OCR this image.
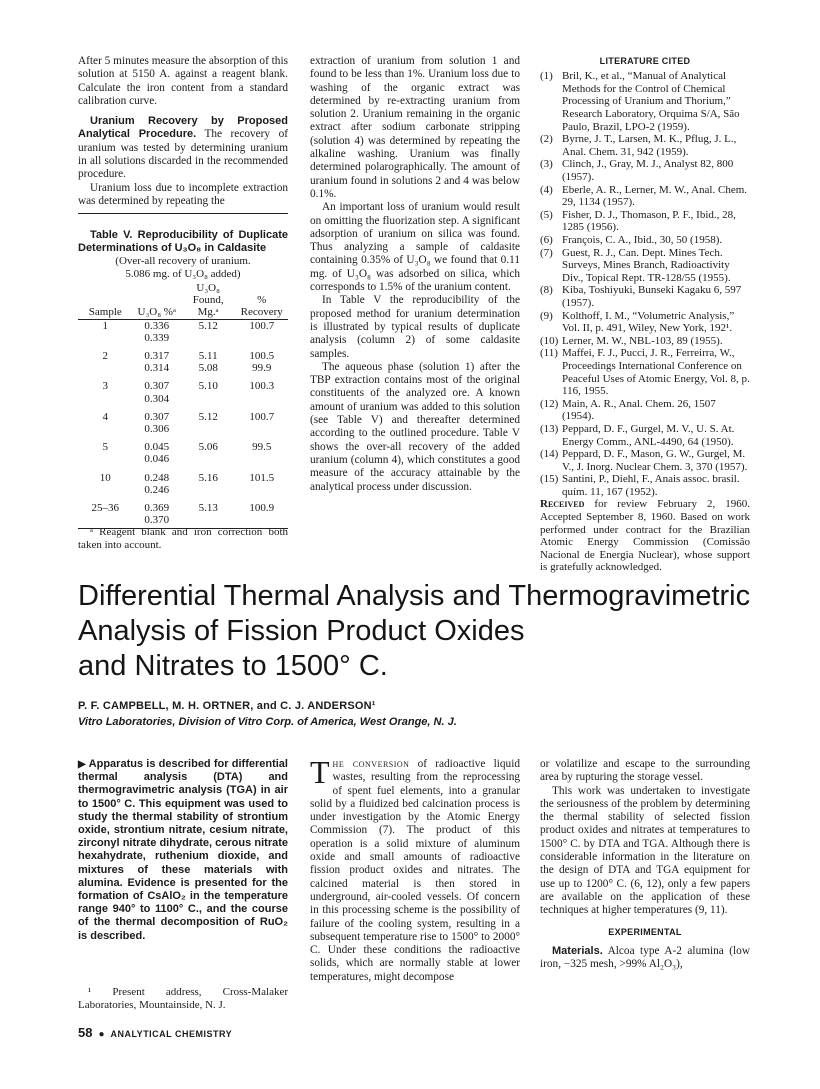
After 5 minutes measure the absorption of this solution at 5150 A. against a reagent blank. Calculate the iron content from a standard calibration curve.

Uranium Recovery by Proposed Analytical Procedure. The recovery of uranium was tested by determining uranium in all solutions discarded in the recommended procedure.

Uranium loss due to incomplete extraction was determined by repeating the

Table V. Reproducibility of Duplicate Determinations of U₃O₈ in Caldasite

(Over-all recovery of uranium.
5.086 mg. of U₃O₈ added)
Sample	U₃O₈ %ᵃ	U₃O₈ Found, Mg.ᵃ	% Recovery

1	0.336	5.12	100.7
	0.339		
2	0.317	5.11	100.5
	0.314	5.08	99.9
3	0.307	5.10	100.3
	0.304		
4	0.307	5.12	100.7
	0.306		
5	0.045	5.06	99.5
	0.046		
10	0.248	5.16	101.5
	0.246		
25–36	0.369	5.13	100.9
	0.370		

ᵃ Reagent blank and iron correction both taken into account.

extraction of uranium from solution 1 and found to be less than 1%. Uranium loss due to washing of the organic extract was determined by re-extracting uranium from solution 2. Uranium remaining in the organic extract after sodium carbonate stripping (solution 4) was determined by repeating the alkaline washing. Uranium was finally determined polarographically. The amount of uranium found in solutions 2 and 4 was below 0.1%.

An important loss of uranium would result on omitting the fluorization step. A significant adsorption of uranium on silica was found. Thus analyzing a sample of caldasite containing 0.35% of U₃O₈ we found that 0.11 mg. of U₃O₈ was adsorbed on silica, which corresponds to 1.5% of the uranium content.

In Table V the reproducibility of the proposed method for uranium determination is illustrated by typical results of duplicate analysis (column 2) of some caldasite samples.

The aqueous phase (solution 1) after the TBP extraction contains most of the original constituents of the analyzed ore. A known amount of uranium was added to this solution (see Table V) and thereafter determined according to the outlined procedure. Table V shows the over-all recovery of the added uranium (column 4), which constitutes a good measure of the accuracy attainable by the analytical process under discussion.

LITERATURE CITED
(1) Bril, K., et al., “Manual of Analytical Methods for the Control of Chemical Processing of Uranium and Thorium,” Research Laboratory, Orquima S/A, São Paulo, Brazil, LPO-2 (1959).
(2) Byrne, J. T., Larsen, M. K., Pflug, J. L., Anal. Chem. 31, 942 (1959).
(3) Clinch, J., Gray, M. J., Analyst 82, 800 (1957).
(4) Eberle, A. R., Lerner, M. W., Anal. Chem. 29, 1134 (1957).
(5) Fisher, D. J., Thomason, P. F., Ibid., 28, 1285 (1956).
(6) François, C. A., Ibid., 30, 50 (1958).
(7) Guest, R. J., Can. Dept. Mines Tech. Surveys, Mines Branch, Radioactivity Div., Topical Rept. TR-128/55 (1955).
(8) Kiba, Toshiyuki, Bunseki Kagaku 6, 597 (1957).
(9) Kolthoff, I. M., “Volumetric Analysis,” Vol. II, p. 491, Wiley, New York, 192¹.
(10) Lerner, M. W., NBL-103, 89 (1955).
(11) Maffei, F. J., Pucci, J. R., Ferreirra, W., Proceedings International Conference on Peaceful Uses of Atomic Energy, Vol. 8, p. 116, 1955.
(12) Main, A. R., Anal. Chem. 26, 1507 (1954).
(13) Peppard, D. F., Gurgel, M. V., U. S. At. Energy Comm., ANL-4490, 64 (1950).
(14) Peppard, D. F., Mason, G. W., Gurgel, M. V., J. Inorg. Nuclear Chem. 3, 370 (1957).
(15) Santini, P., Diehl, F., Anais assoc. brasil. quím. 11, 167 (1952).

Received for review February 2, 1960. Accepted September 8, 1960. Based on work performed under contract for the Brazilian Atomic Energy Commission (Comissão Nacional de Energia Nuclear), whose support is gratefully acknowledged.

Differential Thermal Analysis and Thermogravimetric
Analysis of Fission Product Oxides
and Nitrates to 1500° C.
P. F. CAMPBELL, M. H. ORTNER, and C. J. ANDERSON¹
Vitro Laboratories, Division of Vitro Corp. of America, West Orange, N. J.
▶ Apparatus is described for differential thermal analysis (DTA) and thermogravimetric analysis (TGA) in air to 1500° C. This equipment was used to study the thermal stability of strontium oxide, strontium nitrate, cesium nitrate, zirconyl nitrate dihydrate, cerous nitrate hexahydrate, ruthenium dioxide, and mixtures of these materials with alumina. Evidence is presented for the formation of CsAlO₂ in the temperature range 940° to 1100° C., and the course of the thermal decomposition of RuO₂ is described.
¹ Present address, Cross-Malaker Laboratories, Mountainside, N. J.

The conversion of radioactive liquid wastes, resulting from the reprocessing of spent fuel elements, into a granular solid by a fluidized bed calcination process is under investigation by the Atomic Energy Commission (7). The product of this operation is a solid mixture of aluminum oxide and small amounts of radioactive fission product oxides and nitrates. The calcined material is then stored in underground, air-cooled vessels. Of concern in this processing scheme is the possibility of failure of the cooling system, resulting in a subsequent temperature rise to 1500° to 2000° C. Under these conditions the radioactive solids, which are normally stable at lower temperatures, might decompose

or volatilize and escape to the surrounding area by rupturing the storage vessel.

This work was undertaken to investigate the seriousness of the problem by determining the thermal stability of selected fission product oxides and nitrates at temperatures to 1500° C. by DTA and TGA. Although there is considerable information in the literature on the design of DTA and TGA equipment for use up to 1200° C. (6, 12), only a few papers are available on the application of these techniques at higher temperatures (9, 11).

EXPERIMENTAL

Materials. Alcoa type A-2 alumina (low iron, −325 mesh, >99% Al₂O₃),

58 ● ANALYTICAL CHEMISTRY
